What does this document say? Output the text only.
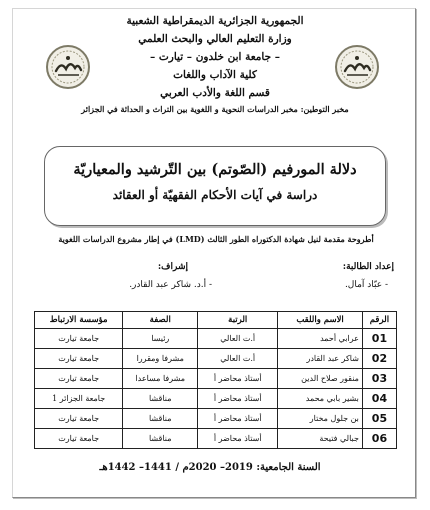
الجمهورية الجزائرية الديمقراطية الشعبية
وزارة التعليم العالي والبحث العلمي
– جامعة ابن خلدون – تيارت –
كلية الآداب واللغات
قسم اللغة والأدب العربي
مخبر التوطين: مخبر الدراسات النحوية و اللغوية بين التراث و الحداثة في الجزائر
دلالة المورفيم (الصّوتم) بين التّرشيد والمعياريّة
دراسة في آيات الأحكام الفقهيّة أو العقائد
أطروحة مقدمة لنيل شهادة الدكتوراه الطور الثالث (LMD) في إطار مشروع الدراسات اللغوية
إعداد الطالبة:
- عبّاد آمال.
إشراف:
- أ.د. شاكر عبد القادر.
الرقم	الاسم واللقب	الرتبة	الصفة	مؤسسة الارتباط
01	عرابي أحمد	أ.ت العالي	رئيسا	جامعة تيارت
02	شاكر عبد القادر	أ.ت العالي	مشرفا ومقررا	جامعة تيارت
03	منقور صلاح الدين	أستاذ محاضر أ	مشرفا مساعدا	جامعة تيارت
04	بشير بابي محمد	أستاذ محاضر أ	مناقشا	جامعة الجزائر 1
05	بن جلول مختار	أستاذ محاضر أ	مناقشا	جامعة تيارت
06	جبالي فتيحة	أستاذ محاضر أ	مناقشا	جامعة تيارت
السنة الجامعية: 2019– 2020م / 1441– 1442هـ
